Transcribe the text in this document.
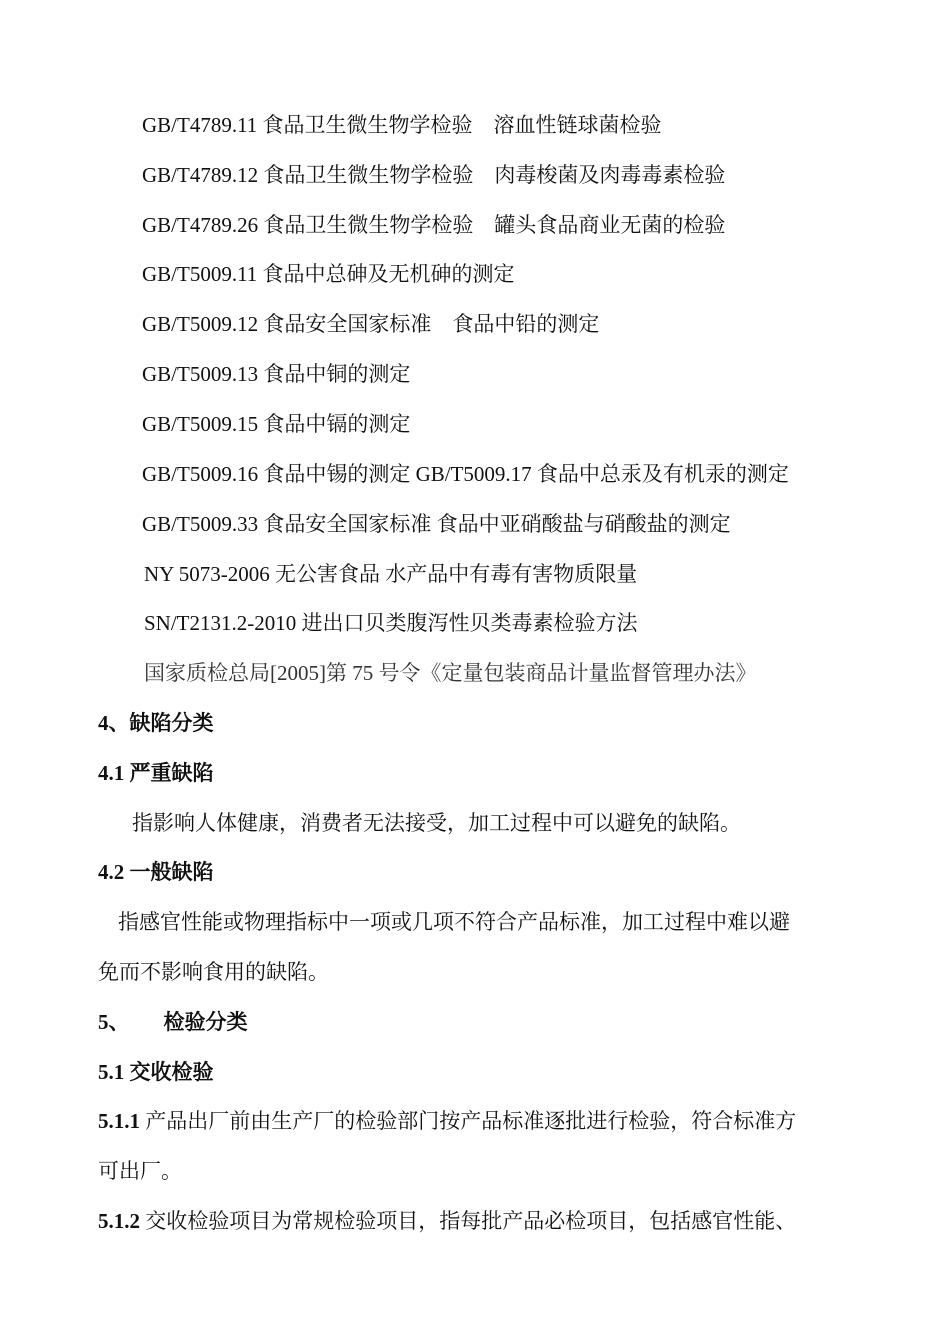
GB/T4789.11 食品卫生微生物学检验　溶血性链球菌检验
GB/T4789.12 食品卫生微生物学检验　肉毒梭菌及肉毒毒素检验
GB/T4789.26 食品卫生微生物学检验　罐头食品商业无菌的检验
GB/T5009.11 食品中总砷及无机砷的测定
GB/T5009.12 食品安全国家标准　食品中铅的测定
GB/T5009.13 食品中铜的测定
GB/T5009.15 食品中镉的测定
GB/T5009.16 食品中锡的测定 GB/T5009.17 食品中总汞及有机汞的测定
GB/T5009.33 食品安全国家标准 食品中亚硝酸盐与硝酸盐的测定
NY 5073-2006 无公害食品 水产品中有毒有害物质限量
SN/T2131.2-2010 进出口贝类腹泻性贝类毒素检验方法
国家质检总局[2005]第 75 号令《定量包装商品计量监督管理办法》
4、缺陷分类
4.1 严重缺陷
指影响人体健康，消费者无法接受，加工过程中可以避免的缺陷。
4.2 一般缺陷
指感官性能或物理指标中一项或几项不符合产品标准，加工过程中难以避
免而不影响食用的缺陷。
5、 检验分类
5.1 交收检验
5.1.1 产品出厂前由生产厂的检验部门按产品标准逐批进行检验，符合标准方
可出厂。
5.1.2 交收检验项目为常规检验项目，指每批产品必检项目，包括感官性能、
